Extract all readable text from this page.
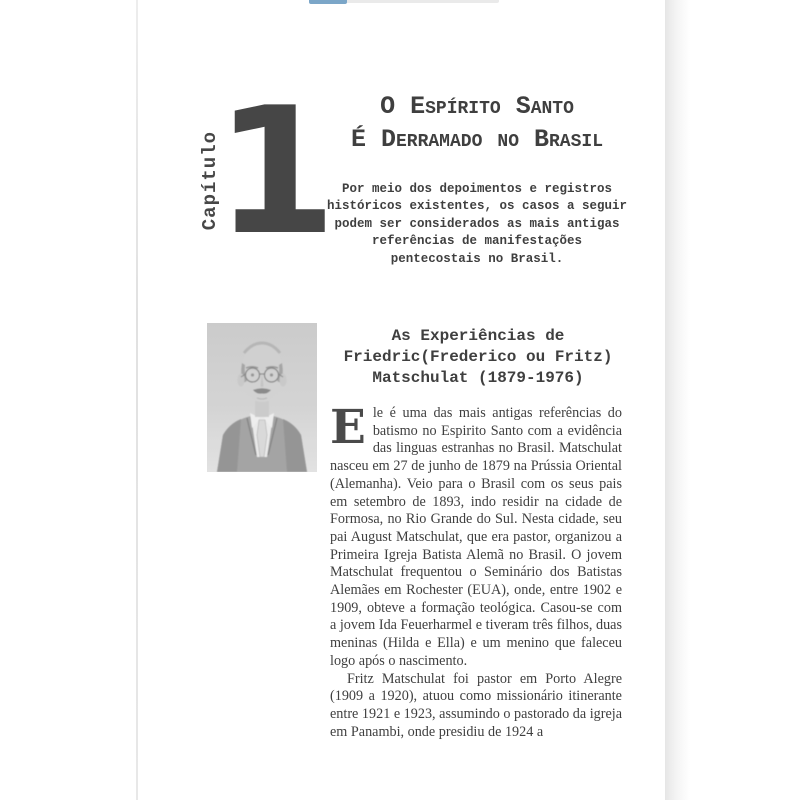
Capítulo
1	O Espírito Santo
É Derramado no Brasil
Por meio dos depoimentos e registros
históricos existentes, os casos a seguir
podem ser considerados as mais antigas
referências de manifestações
pentecostais no Brasil.
As Experiências de
Friedric(Frederico ou Fritz)
Matschulat (1879-1976)

Ele é uma das mais antigas referências do batismo no Espirito Santo com a evidência das linguas estranhas no Brasil. Matschulat nasceu em 27 de junho de 1879 na Prússia Oriental (Alemanha). Veio para o Brasil com os seus pais em setembro de 1893, indo residir na cidade de Formosa, no Rio Grande do Sul. Nesta cidade, seu pai August Matschulat, que era pastor, organizou a Primeira Igreja Batista Alemã no Brasil. O jovem Matschulat frequentou o Seminário dos Batistas Alemães em Rochester (EUA), onde, entre 1902 e 1909, obteve a formação teológica. Casou-se com a jovem Ida Feuerharmel e tiveram três filhos, duas meninas (Hilda e Ella) e um menino que faleceu logo após o nascimento.

Fritz Matschulat foi pastor em Porto Alegre (1909 a 1920), atuou como missionário itinerante entre 1921 e 1923, assumindo o pastorado da igreja em Panambi, onde presidiu de 1924 a
